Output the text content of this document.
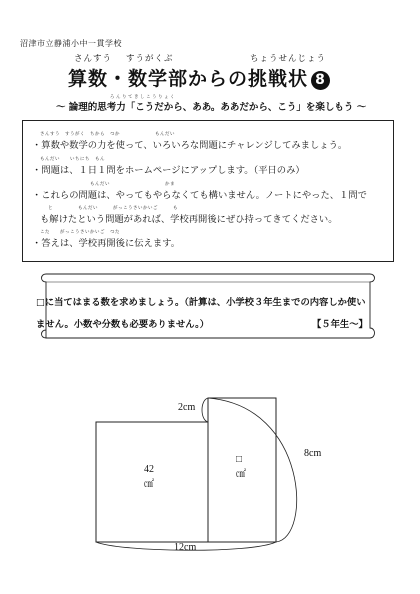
沼津市立静浦小中一貫学校
さんすう すうがくぶ	ちょうせんじょう
算数・数学部からの挑戦状 8
ろんりてきしこうりょく
～ 論理的思考力「こうだから、ああ。ああだから、こう」を楽しもう ～
さんすう　すうがく　ちから　つか　　　　　　　もんだい
・算数や数学の力を使って、いろいろな問題にチャレンジしてみましょう。
もんだい　　いちにち　もん
・問題は、１日１問をホームページにアップします。（平日のみ）
もんだい　　　　　　　　　　　かま
・これらの問題は、やってもやらなくても構いません。ノートにやった、１問で
と　　　　　もんだい　　　がっこうさいかいご　　　も
も解けたという問題があれば、学校再開後にぜひ持ってきてください。
こた　　がっこうさいかいご　つた
・答えは、学校再開後に伝えます。
□に当てはまる数を求めましょう。（計算は、小学校３年生までの内容しか使い
ません。小数や分数も必要ありません。）	【５年生～】
2cm
8cm
12cm
42㎠
□㎠
